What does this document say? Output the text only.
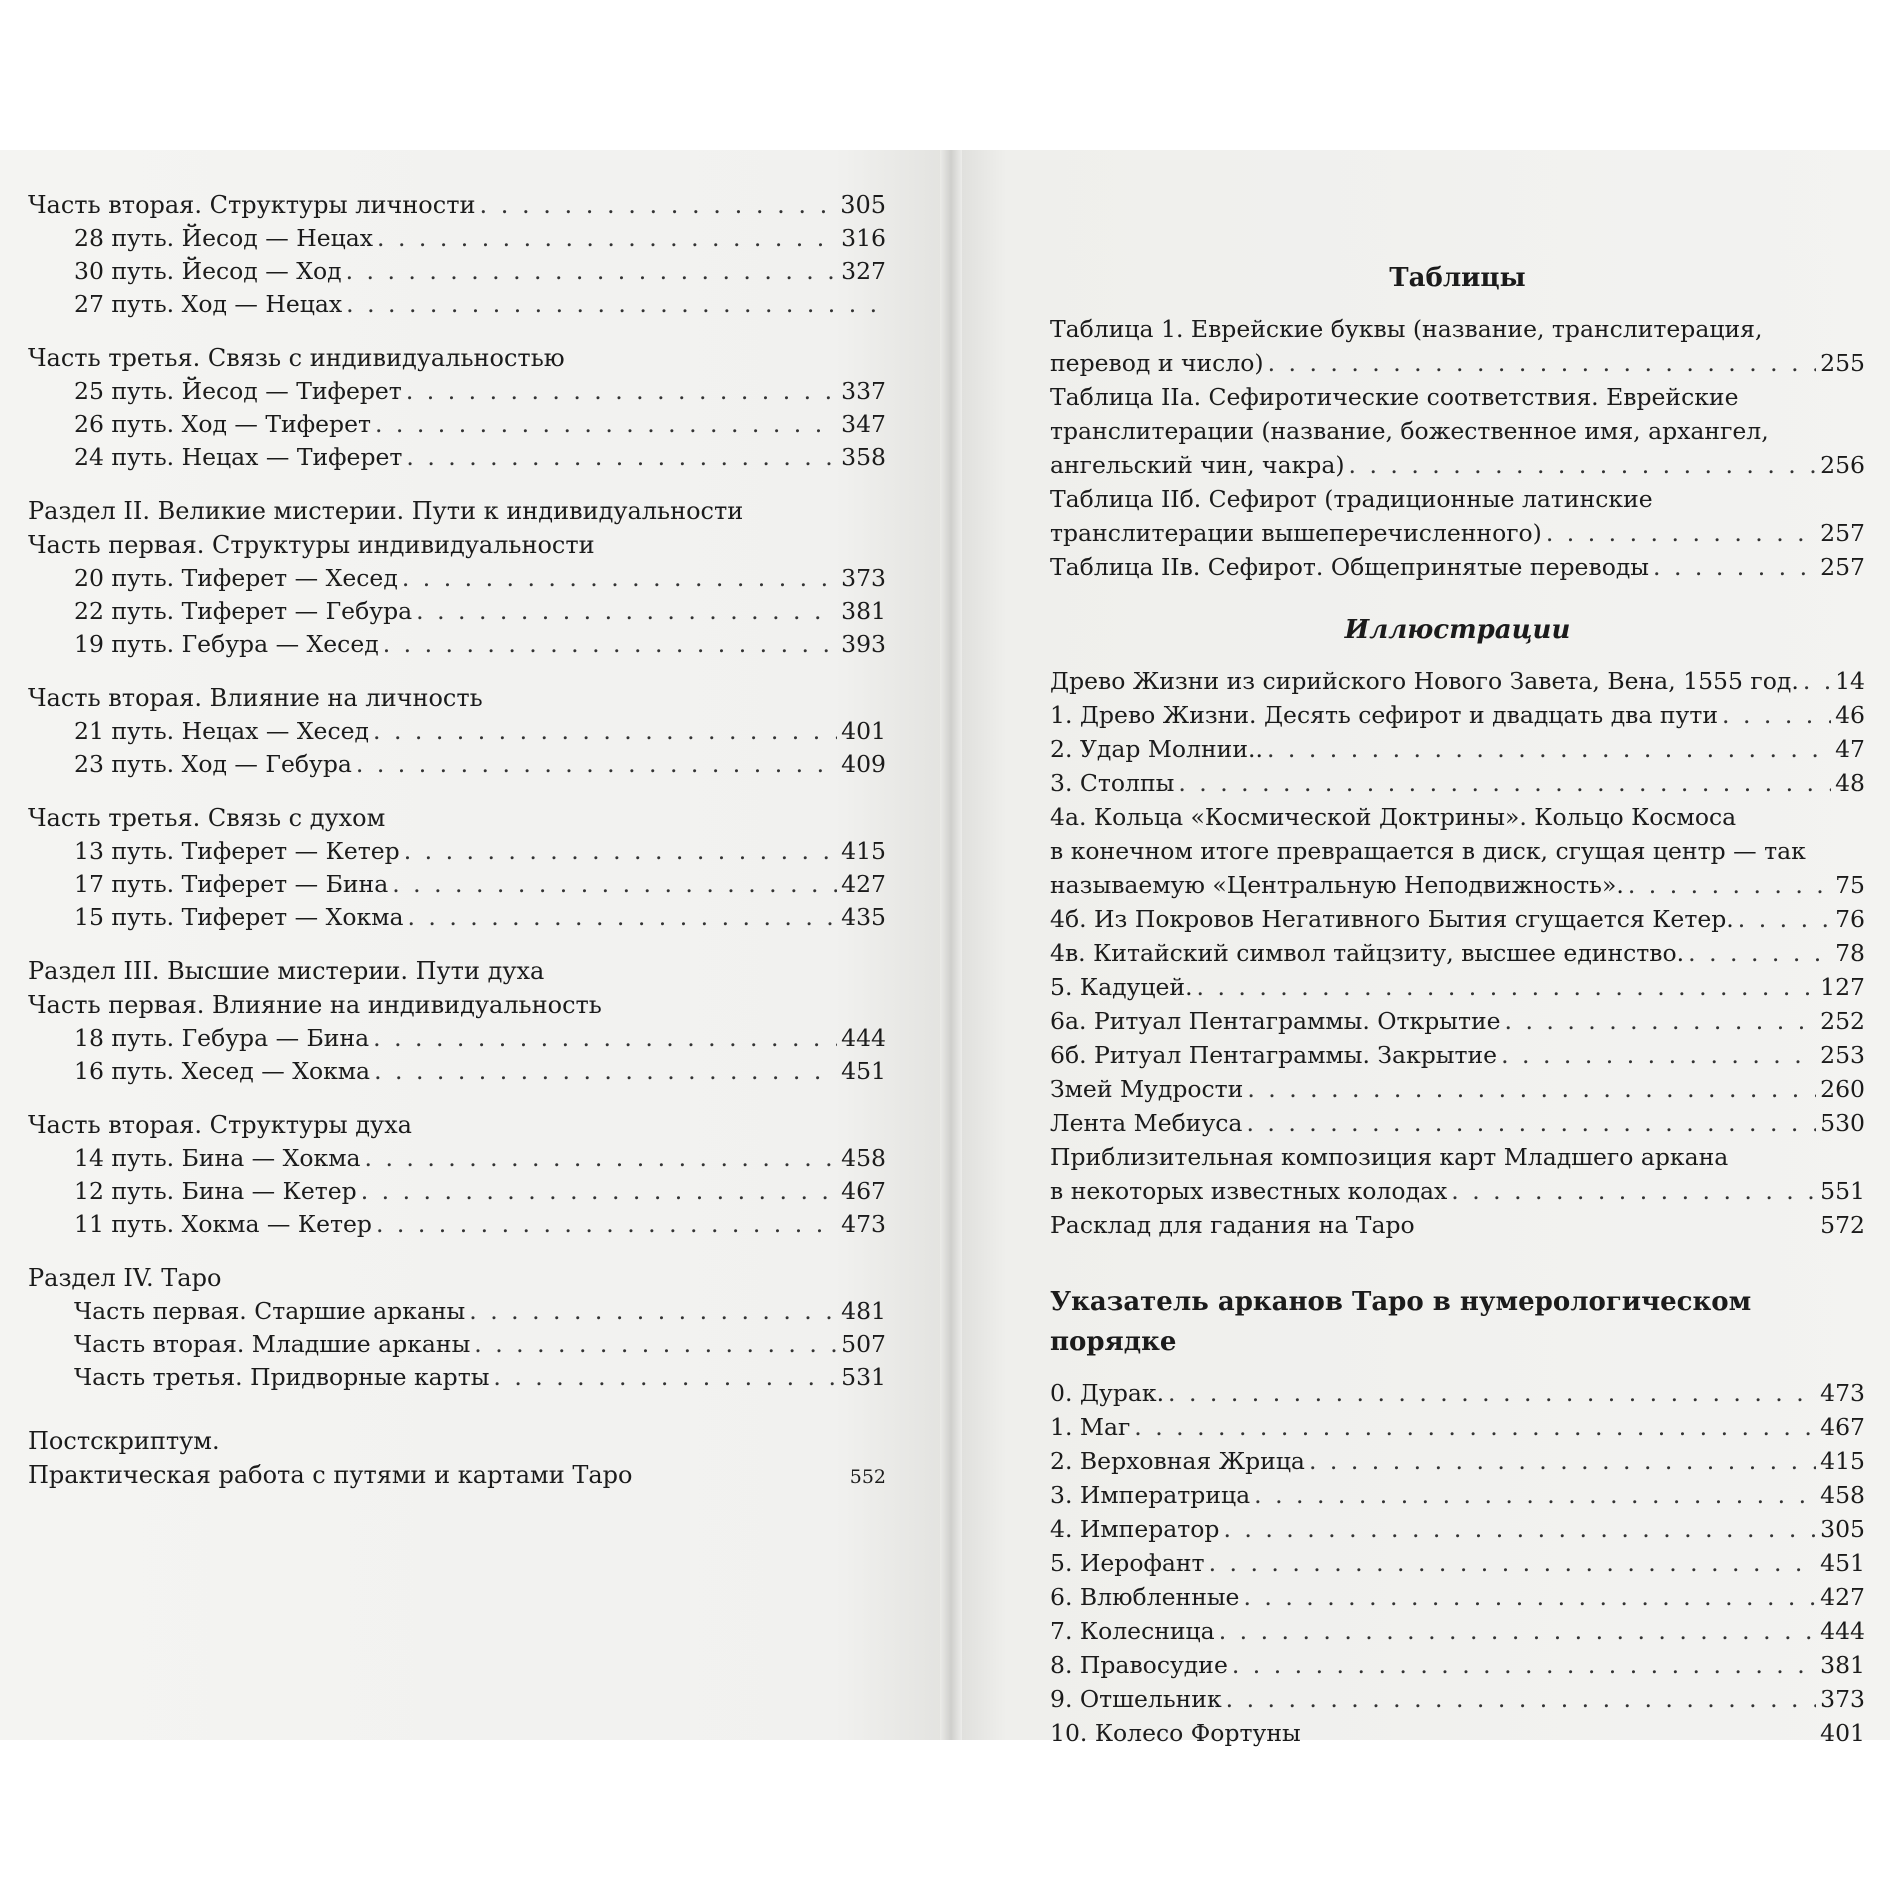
Часть вторая. Структуры личности . . .	305
28 путь. Йесод — Нецах . . .	316
30 путь. Йесод — Ход . . .	327
27 путь. Ход — Нецах
. . .
Часть третья. Связь с индивидуальностью
25 путь. Йесод — Тиферет . . .	337
26 путь. Ход — Тиферет . . .	347
24 путь. Нецах — Тиферет . . .	358
Раздел II. Великие мистерии. Пути к индивидуальности
Часть первая. Структуры индивидуальности
20 путь. Тиферет — Хесед . . .	373
22 путь. Тиферет — Гебура . . .	381
19 путь. Гебура — Хесед . . .	393
Часть вторая. Влияние на личность
21 путь. Нецах — Хесед . . .	401
23 путь. Ход — Гебура . . .	409
Часть третья. Связь с духом
13 путь. Тиферет — Кетер . . .	415
17 путь. Тиферет — Бина . . .	427
15 путь. Тиферет — Хокма . . .	435
Раздел III. Высшие мистерии. Пути духа
Часть первая. Влияние на индивидуальность
18 путь. Гебура — Бина . . .	444
16 путь. Хесед — Хокма . . .	451
Часть вторая. Структуры духа
14 путь. Бина — Хокма . . .	458
12 путь. Бина — Кетер . . .	467
11 путь. Хокма — Кетер . . .	473
Раздел IV. Таро
Часть первая. Старшие арканы . . .	481
Часть вторая. Младшие арканы . . .	507
Часть третья. Придворные карты . . .	531
Постскриптум.
Практическая работа с путями и картами Таро	552
Таблицы
Таблица 1. Еврейские буквы (название, транслитерация,
перевод и число) . . .	255
Таблица IIа. Сефиротические соответствия. Еврейские
транслитерации (название, божественное имя, архангел,
ангельский чин, чакра) . . .	256
Таблица IIб. Сефирот (традиционные латинские
транслитерации вышеперечисленного) . . .	257
Таблица IIв. Сефирот. Общепринятые переводы . . .	257
Иллюстрации
Древо Жизни из сирийского Нового Завета, Вена, 1555 год. . . . 14
1. Древо Жизни. Десять сефирот и двадцать два пути . . .	46
2. Удар Молнии.. . . .	47
3. Столпы . . .	48
4а. Кольца «Космической Доктрины». Кольцо Космоса
в конечном итоге превращается в диск, сгущая центр — так
называемую «Центральную Неподвижность». . . .	75
4б. Из Покровов Негативного Бытия сгущается Кетер. . . .	76
4в. Китайский символ тайцзиту, высшее единство. . . .	78
5. Кадуцей. . . .	127
6а. Ритуал Пентаграммы. Открытие . . .	252
6б. Ритуал Пентаграммы. Закрытие . . .	253
Змей Мудрости . . .	260
Лента Мебиуса . . .	530
Приблизительная композиция карт Младшего аркана
в некоторых известных колодах . . .	551
Расклад для гадания на Таро	572
Указатель арканов Таро в нумерологическом порядке
0. Дурак. . . .	473
1. Маг . . .	467
2. Верховная Жрица . . .	415
3. Императрица . . .	458
4. Император . . .	305
5. Иерофант . . .	451
6. Влюбленные . . .	427
7. Колесница . . .	444
8. Правосудие . . .	381
9. Отшельник . . .	373
10. Колесо Фортуны	401
